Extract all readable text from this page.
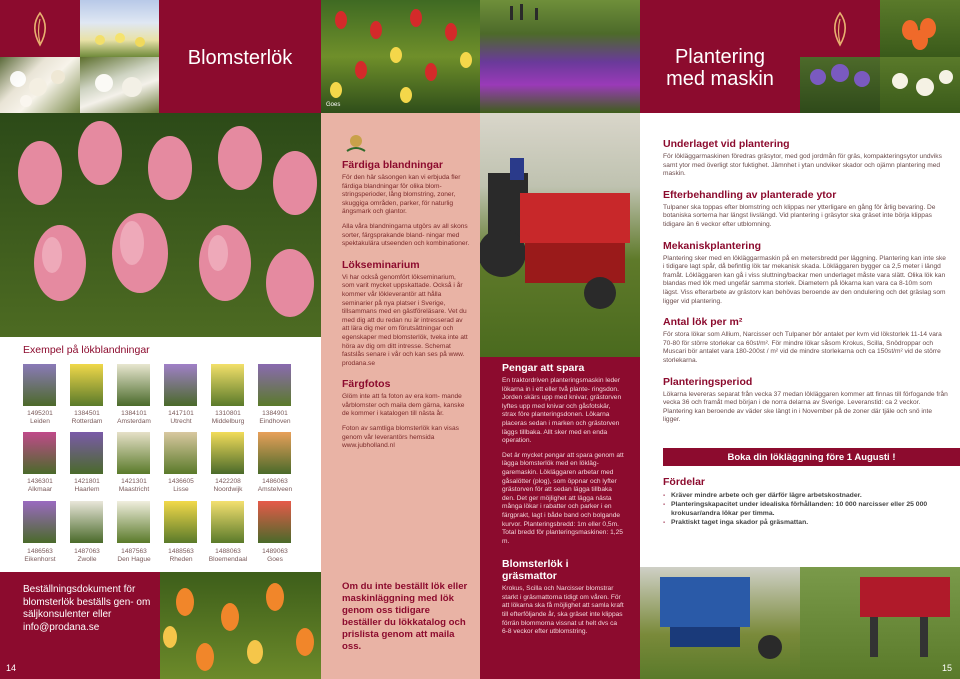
Blomsterlök
Goes
Exempel på lökblandningar
1495201
Leiden
1384501
Rotterdam
1384101
Amsterdam
1417101
Utrecht
1310801
Middelburg
1384901
Eindhoven
1436301
Alkmaar
1421801
Haarlem
1421301
Maastricht
1436605
Lisse
1422208
Noordwijk
1486063
Amstelveen
1486563
Eikenhorst
1487063
Zwolle
1487563
Den Hague
1488563
Rheden
1488063
Bloemendaal
1489063
Goes
Beställningsdokument för blomsterlök beställs gen- om säljkonsulenter eller info@prodana.se
14
Färdiga blandningar

För den här säsongen kan vi erbjuda fler färdiga blandningar för olika blom- stringsperioder, lång blomstring, zoner, skuggiga områden, parker, för naturlig ängsmark och glantor.

Alla våra blandningarna utgörs av all skons sorter, färgsprakande bland- ningar med spektakulära utseenden och kombinationer.

Lökseminarium

Vi har också genomfört lökseminarium, som varit mycket uppskattade. Också i år kommer vår lökleverantör att hålla seminarier på nya platser i Sverige, tillsammans med en gästföreläsare. Vet du med dig att du redan nu är intresserad av att lära dig mer om förutsättningar och egenskaper med blomsterlök, tveka inte att höra av dig om ditt intresse. Schemat fastslås senare i vår och kan ses på www. prodana.se

Färgfotos

Glöm inte att fa foton av era kom- mande vårblomster och maila dem gärna, kanske de kommer i katalogen till nästa år.

Foton av samtliga blomsterlök kan visas genom vår leverantörs hemsida www.jubholland.nl

Om du inte beställt lök eller maskinläggning med lök genom oss tidigare beställer du lökkatalog och prislista genom att maila oss.
Plantering
med maskin
Pengar att spara

En traktordriven planteringsmaskin leder lökarna in i ett eller två plante- ringsdon. Jorden skärs upp med knivar, grästorven lyftes upp med knivar och gåsfotskär, strax före planteringsdonen. Lökarna placeras sedan i marken och grästorven läggs tillbaka. Allt sker med en enda operation.

Det är mycket pengar att spara genom att lägga blomsterlök med en lökläg- garemaskin. Lökläggaren arbetar med gåsalötter (plog), som öppnar och lyfter grästorven för att sedan lägga tillbaka den. Det ger möjlighet att lägga nästa många lökar i rabatter och parker i en färgprakt, lagt i både band och bolgande kurvor. Planteringsbredd: 1m eller 0,5m. Total bredd för planteringsmaskinen: 1,25 m.

Blomsterlök i gräsmattor

Krokus, Scilla och Narcisser blomstrar starkt i gräsmattorna tidigt om våren. För att lökarna ska få möjlighet att samla kraft till efterföljande år, ska gräset inte klippas förrän blommorna vissnat ut helt dvs ca 6-8 veckor efter utblomstring.

Underlaget vid plantering

För lökläggarmaskinen föredras gräsytor, med god jordmån för gräs, kompakteringsytor undviks samt ytor med överligt stor fuktighet. Jämnhet i ytan undviker skador och ojämn plantering med maskin.

Efterbehandling av planterade ytor

Tulpaner ska toppas efter blomstring och klippas ner ytterligare en gång för årlig bevaring. De botaniska sorterna har längst livslängd. Vid plantering i gräsytor ska gräset inte börja klippas tidigare än 6 veckor efter utblomning.

Mekaniskplantering

Plantering sker med en lökläggarmaskin på en metersbredd per läggning. Plantering kan inte ske i tidigare lagt spår, då befintlig lök tar mekanisk skada. Lökläggaren bygger ca 2,5 meter i längd framåt. Lökläggaren kan gå i viss sluttning/backar men underlaget måste vara slätt. Olika lök kan blandas med lök med ungefär samma storlek. Diametern på lökarna kan vara ca 8-10m som lägst. Viss efterarbete av grästorv kan behövas beroende av den ondulering och det gräslag som ligger vid plantering.

Antal lök per m²

För stora lökar som Allium, Narcisser och Tulpaner bör antalet per kvm vid lökstorlek 11-14 vara 70-80 för större storlekar ca 60st/m². För mindre lökar såsom Krokus, Scilla, Snödroppar och Muscari bör antalet vara 180-200st / m² vid de mindre storlekarna och ca 150st/m² vid de större storlekarna.

Planteringsperiod

Lökarna levereras separat från vecka 37 medan lökläggaren kommer att finnas till förfogande från vecka 36 och framåt med början i de norra delarna av Sverige. Leveranstid: ca 2 veckor. Plantering kan beroende av väder ske längt in i November på de zoner där tjäle och snö inte ligger.

Boka din lökläggning före 1 Augusti !
Fördelar
- Kräver mindre arbete och ger därför lägre arbetskostnader.
- Planteringskapacitet under idealiska förhållanden: 10 000 narcisser eller 25 000 krokusar/andra lökar per timma.
- Praktiskt taget inga skador på gräsmattan.
15
